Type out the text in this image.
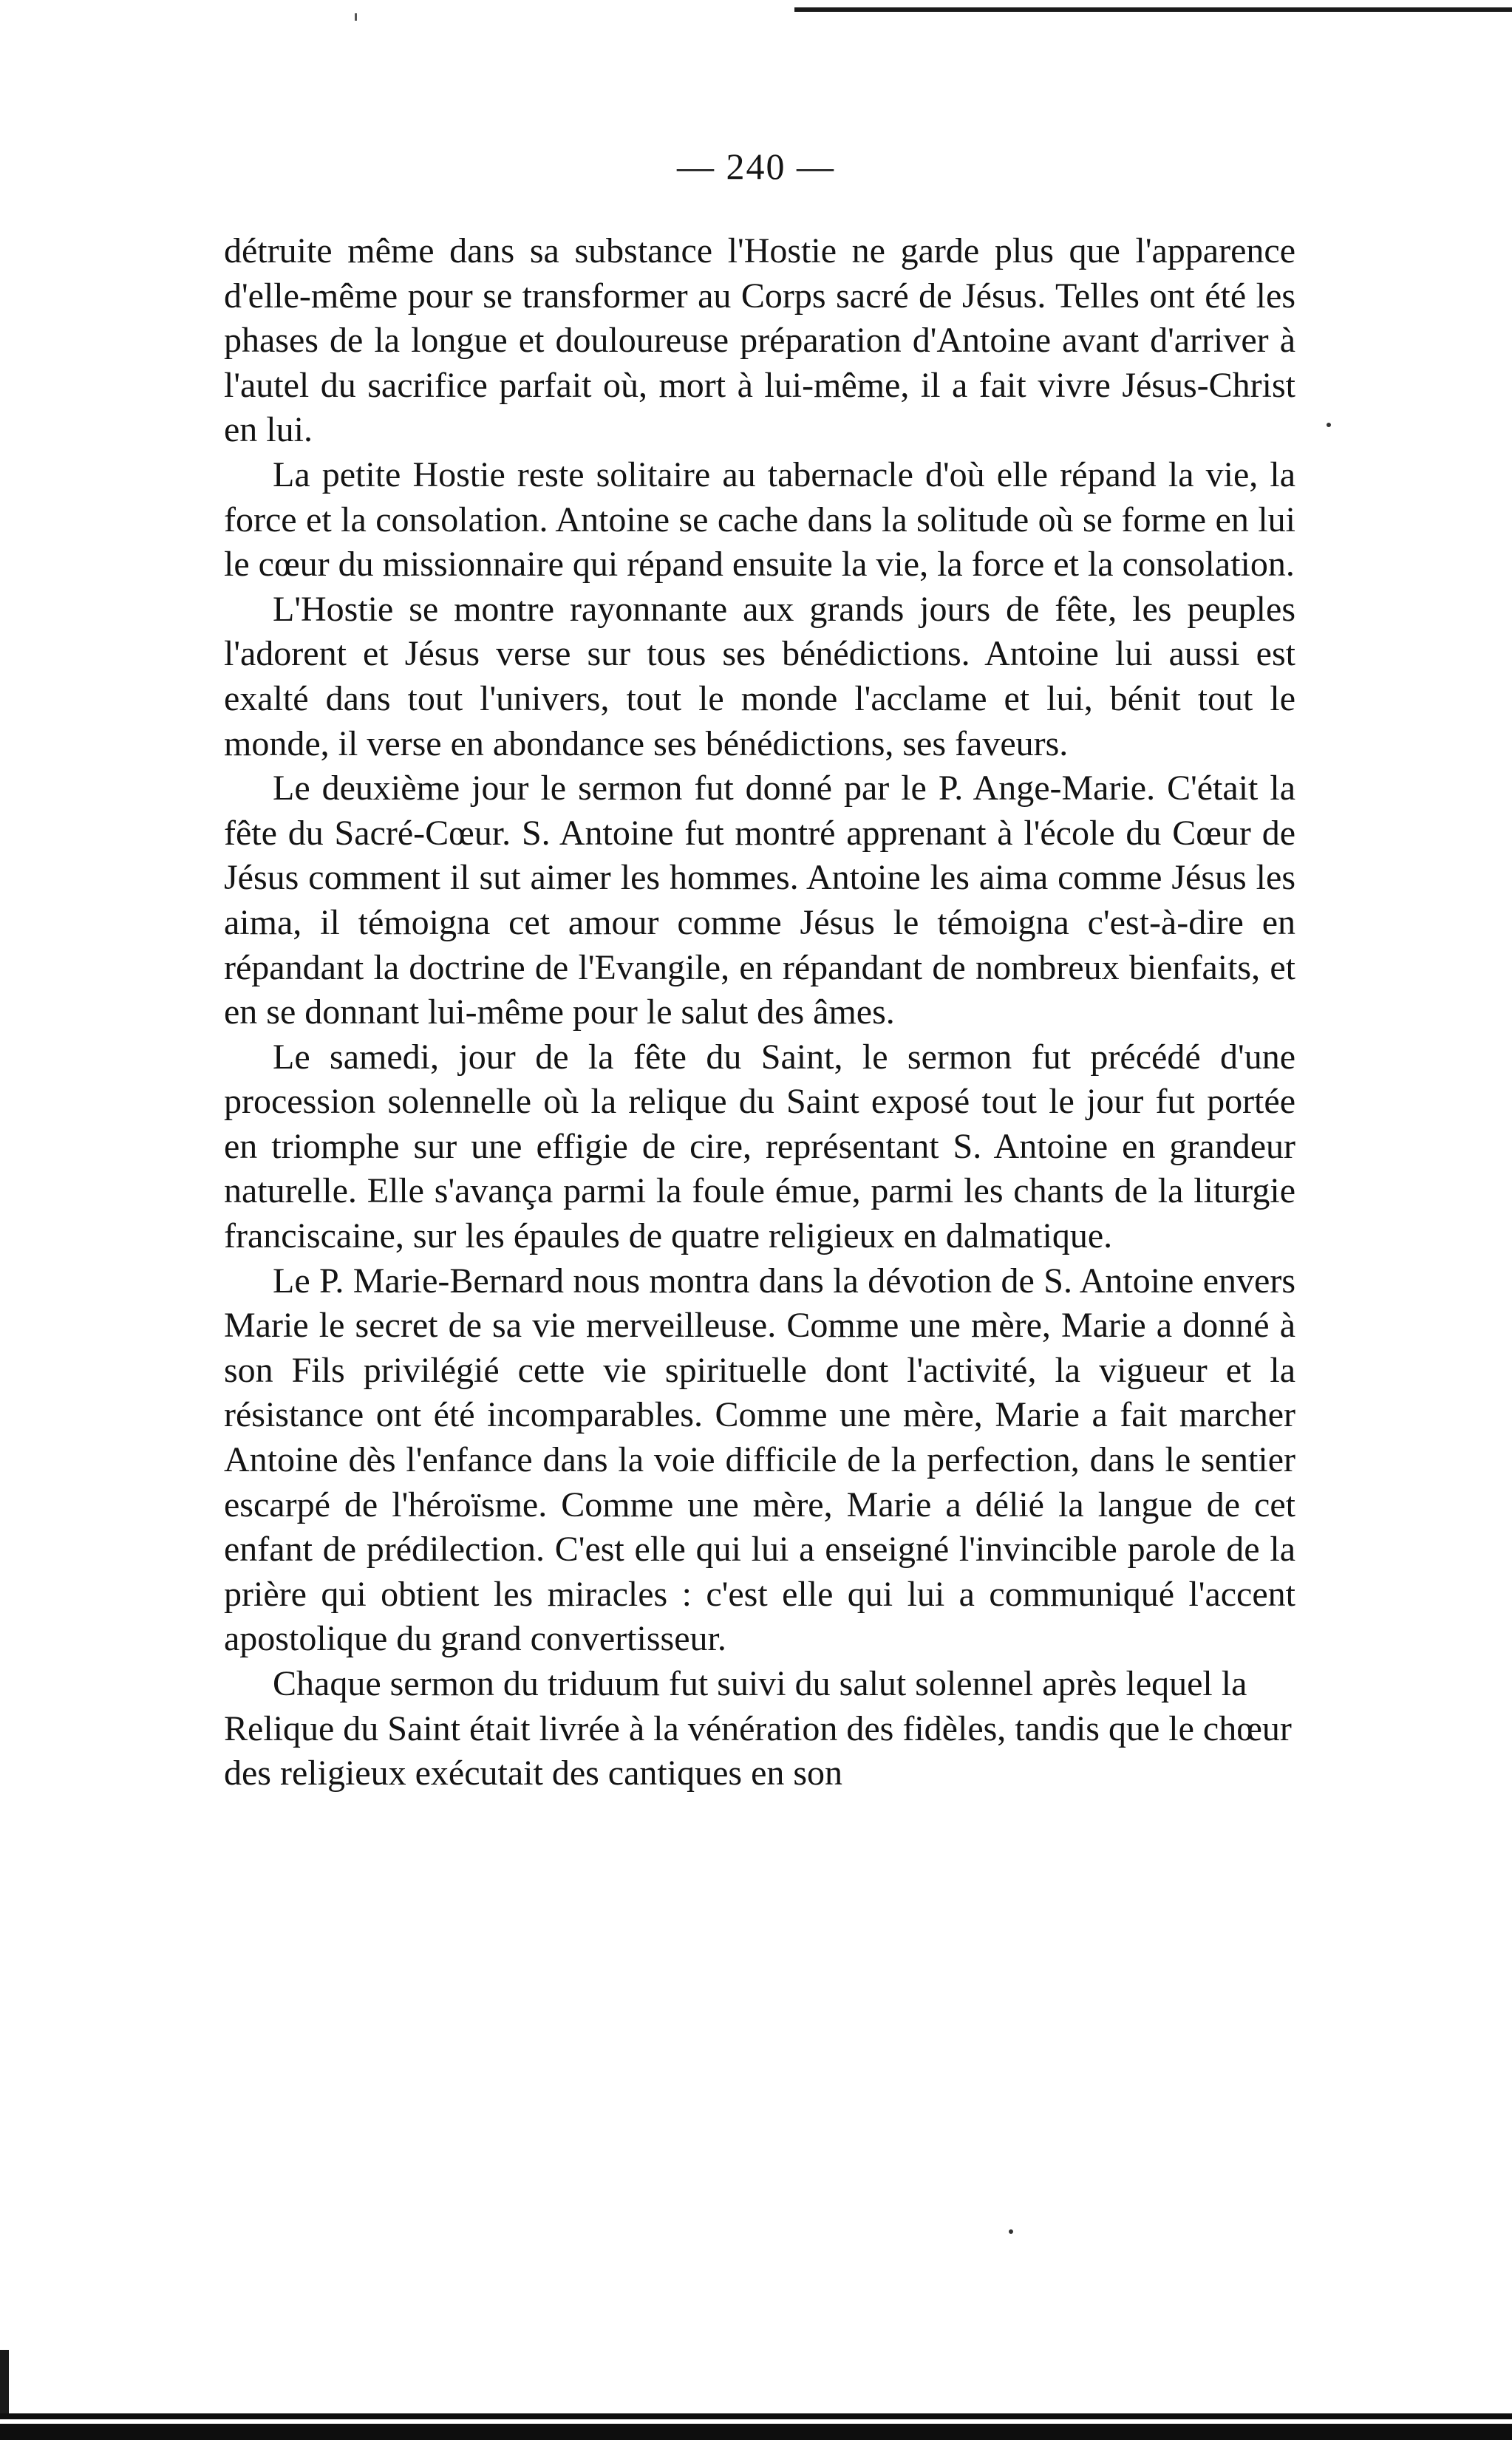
— 240 —

détruite même dans sa substance l'Hostie ne garde plus que l'apparence d'elle-même pour se transformer au Corps sacré de Jésus. Telles ont été les phases de la longue et douloureuse préparation d'Antoine avant d'arriver à l'autel du sacrifice parfait où, mort à lui-même, il a fait vivre Jésus-Christ en lui.

La petite Hostie reste solitaire au tabernacle d'où elle répand la vie, la force et la consolation. Antoine se cache dans la solitude où se forme en lui le cœur du missionnaire qui répand ensuite la vie, la force et la consolation.

L'Hostie se montre rayonnante aux grands jours de fête, les peuples l'adorent et Jésus verse sur tous ses bénédictions. Antoine lui aussi est exalté dans tout l'univers, tout le monde l'acclame et lui, bénit tout le monde, il verse en abondance ses bénédictions, ses faveurs.

Le deuxième jour le sermon fut donné par le P. Ange-Marie. C'était la fête du Sacré-Cœur. S. Antoine fut montré apprenant à l'école du Cœur de Jésus comment il sut aimer les hommes. Antoine les aima comme Jésus les aima, il témoigna cet amour comme Jésus le témoigna c'est-à-dire en répandant la doctrine de l'Evangile, en répandant de nombreux bienfaits, et en se donnant lui-même pour le salut des âmes.

Le samedi, jour de la fête du Saint, le sermon fut précédé d'une procession solennelle où la relique du Saint exposé tout le jour fut portée en triomphe sur une effigie de cire, représentant S. Antoine en grandeur naturelle. Elle s'avança parmi la foule émue, parmi les chants de la liturgie franciscaine, sur les épaules de quatre religieux en dalmatique.

Le P. Marie-Bernard nous montra dans la dévotion de S. Antoine envers Marie le secret de sa vie merveilleuse. Comme une mère, Marie a donné à son Fils privilégié cette vie spirituelle dont l'activité, la vigueur et la résistance ont été incomparables. Comme une mère, Marie a fait marcher Antoine dès l'enfance dans la voie difficile de la perfection, dans le sentier escarpé de l'héroïsme. Comme une mère, Marie a délié la langue de cet enfant de prédilection. C'est elle qui lui a enseigné l'invincible parole de la prière qui obtient les miracles : c'est elle qui lui a communiqué l'accent apostolique du grand convertisseur.

Chaque sermon du triduum fut suivi du salut solennel après lequel la Relique du Saint était livrée à la vénération des fidèles, tandis que le chœur des religieux exécutait des cantiques en son
